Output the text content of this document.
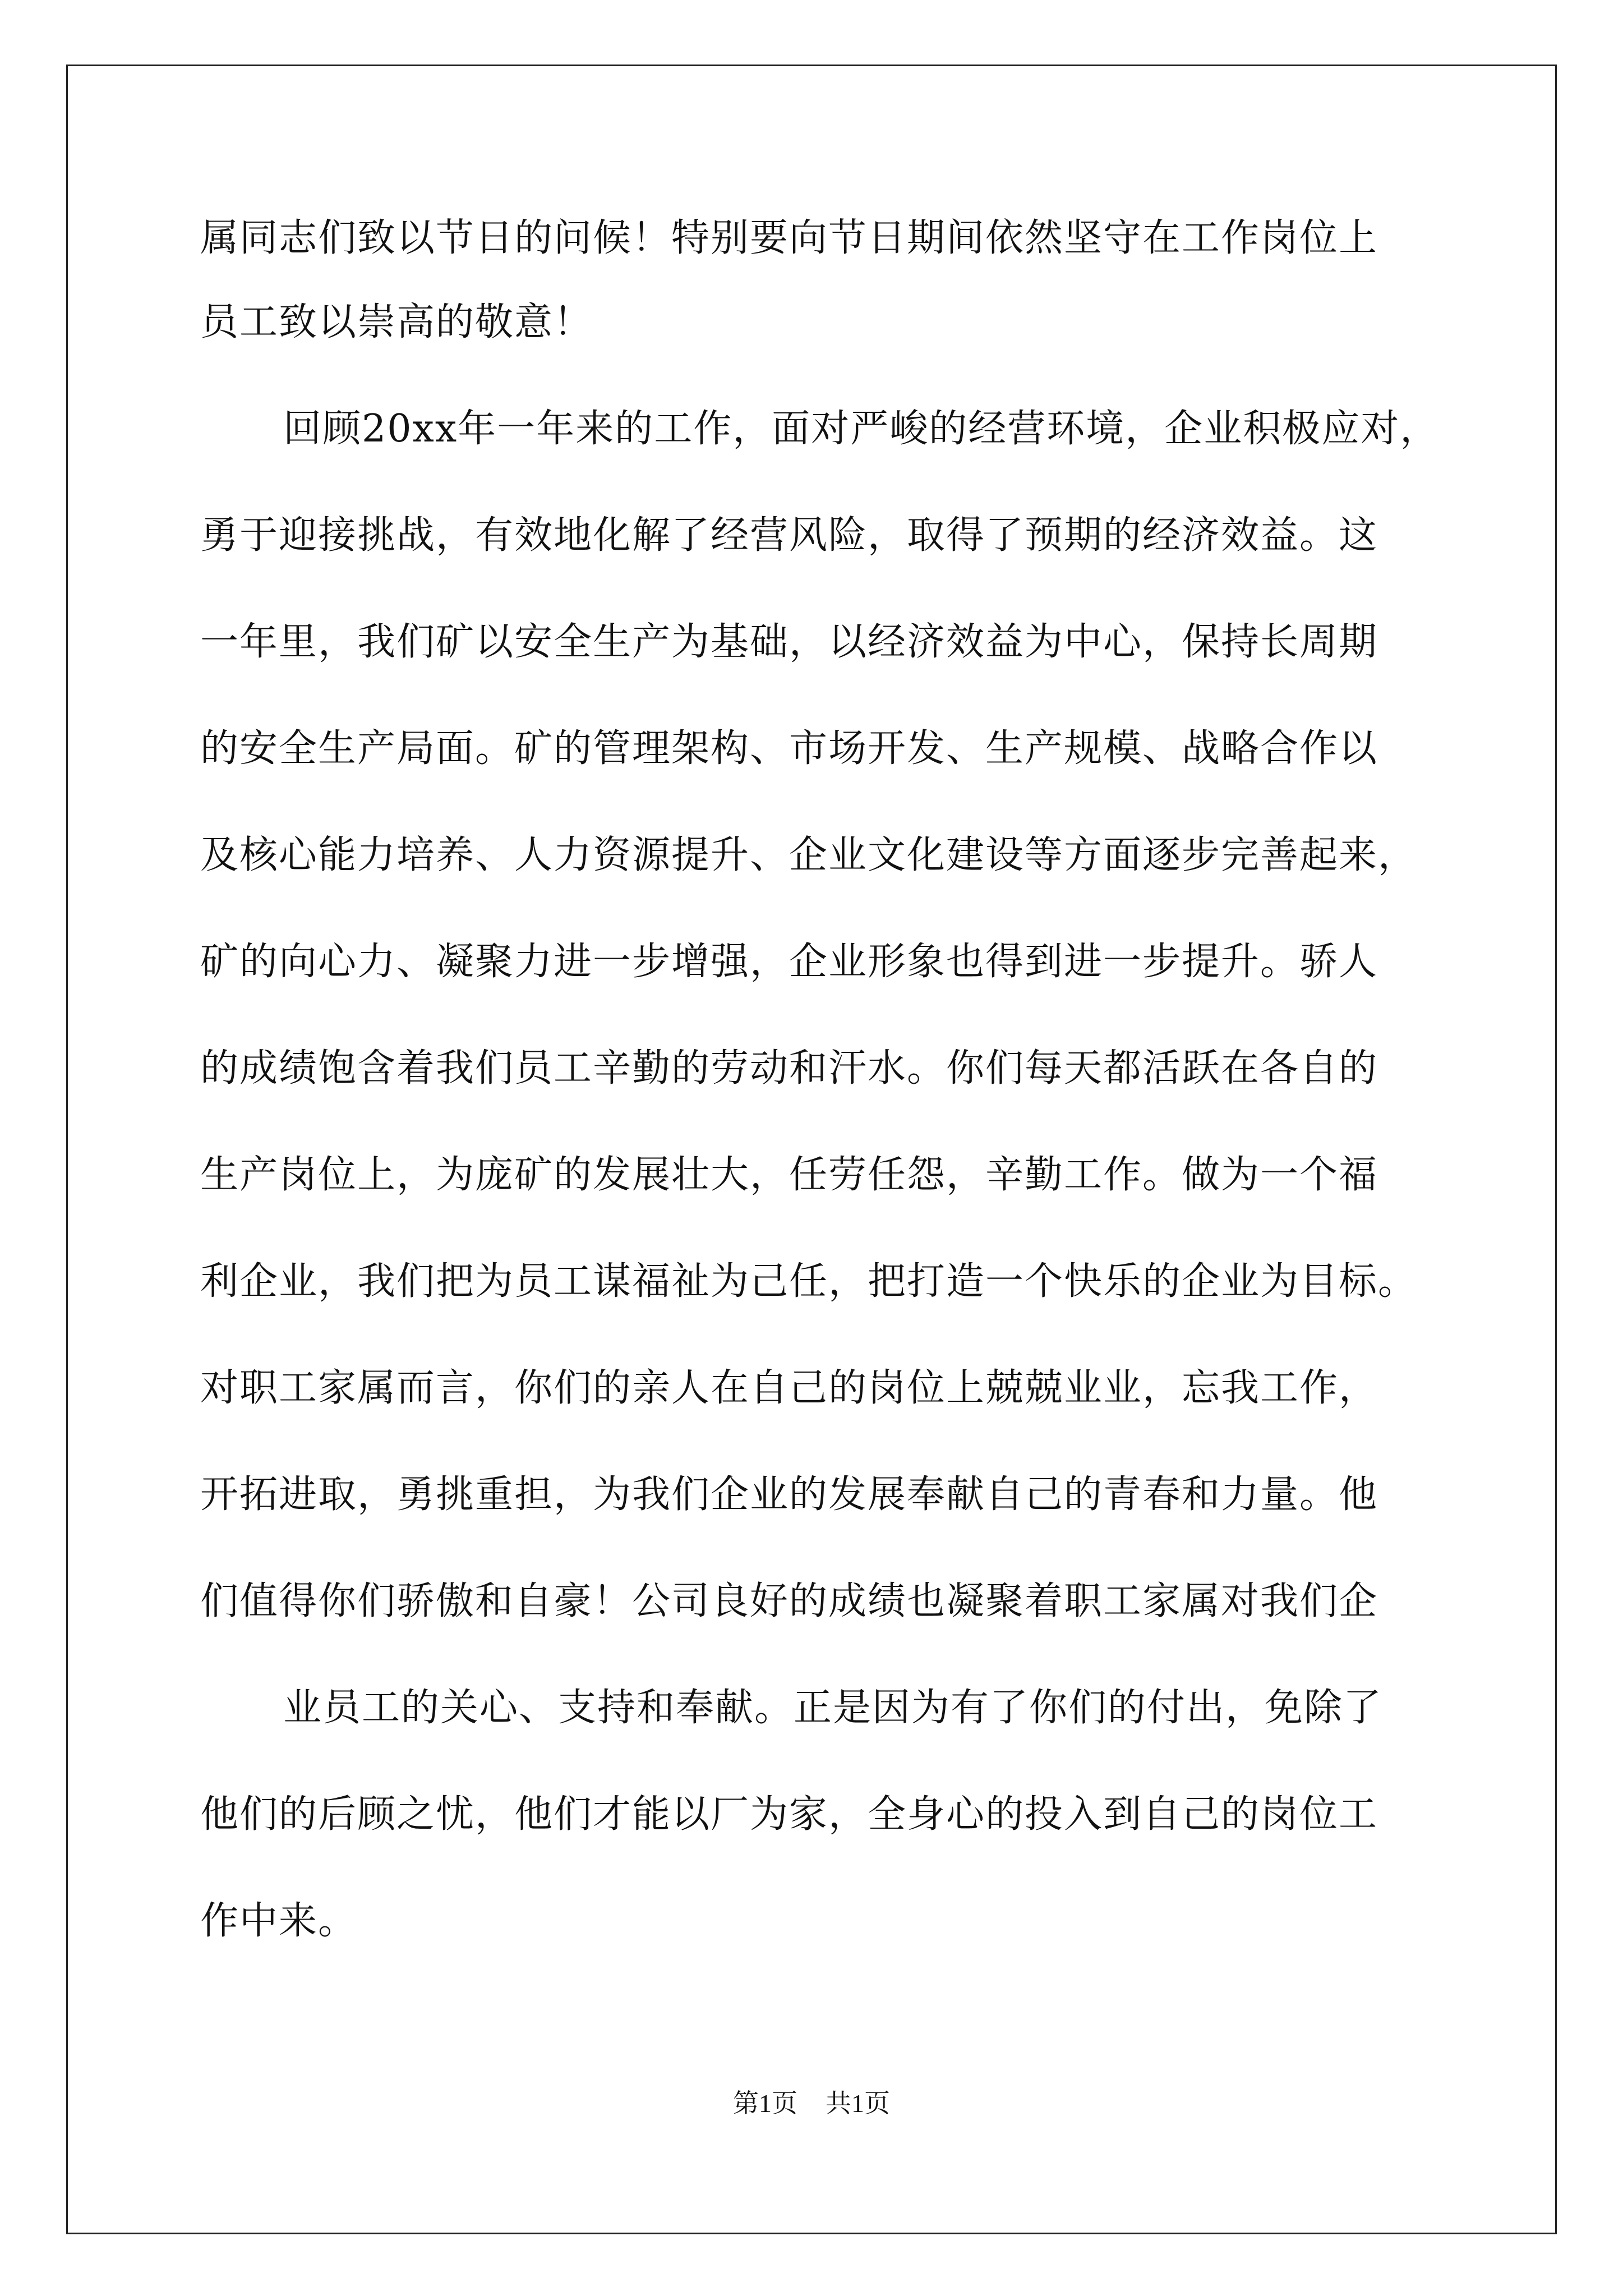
属同志们致以节日的问候！特别要向节日期间依然坚守在工作岗位上
员工致以崇高的敬意！
回顾20xx年一年来的工作，面对严峻的经营环境，企业积极应对，
勇于迎接挑战，有效地化解了经营风险，取得了预期的经济效益。这
一年里，我们矿以安全生产为基础，以经济效益为中心，保持长周期
的安全生产局面。矿的管理架构、市场开发、生产规模、战略合作以
及核心能力培养、人力资源提升、企业文化建设等方面逐步完善起来，
矿的向心力、凝聚力进一步增强，企业形象也得到进一步提升。骄人
的成绩饱含着我们员工辛勤的劳动和汗水。你们每天都活跃在各自的
生产岗位上，为庞矿的发展壮大，任劳任怨，辛勤工作。做为一个福
利企业，我们把为员工谋福祉为己任，把打造一个快乐的企业为目标。
对职工家属而言，你们的亲人在自己的岗位上兢兢业业，忘我工作，
开拓进取，勇挑重担，为我们企业的发展奉献自己的青春和力量。他
们值得你们骄傲和自豪！公司良好的成绩也凝聚着职工家属对我们企
业员工的关心、支持和奉献。正是因为有了你们的付出，免除了
他们的后顾之忧，他们才能以厂为家，全身心的投入到自己的岗位工
作中来。
第1页 共1页
